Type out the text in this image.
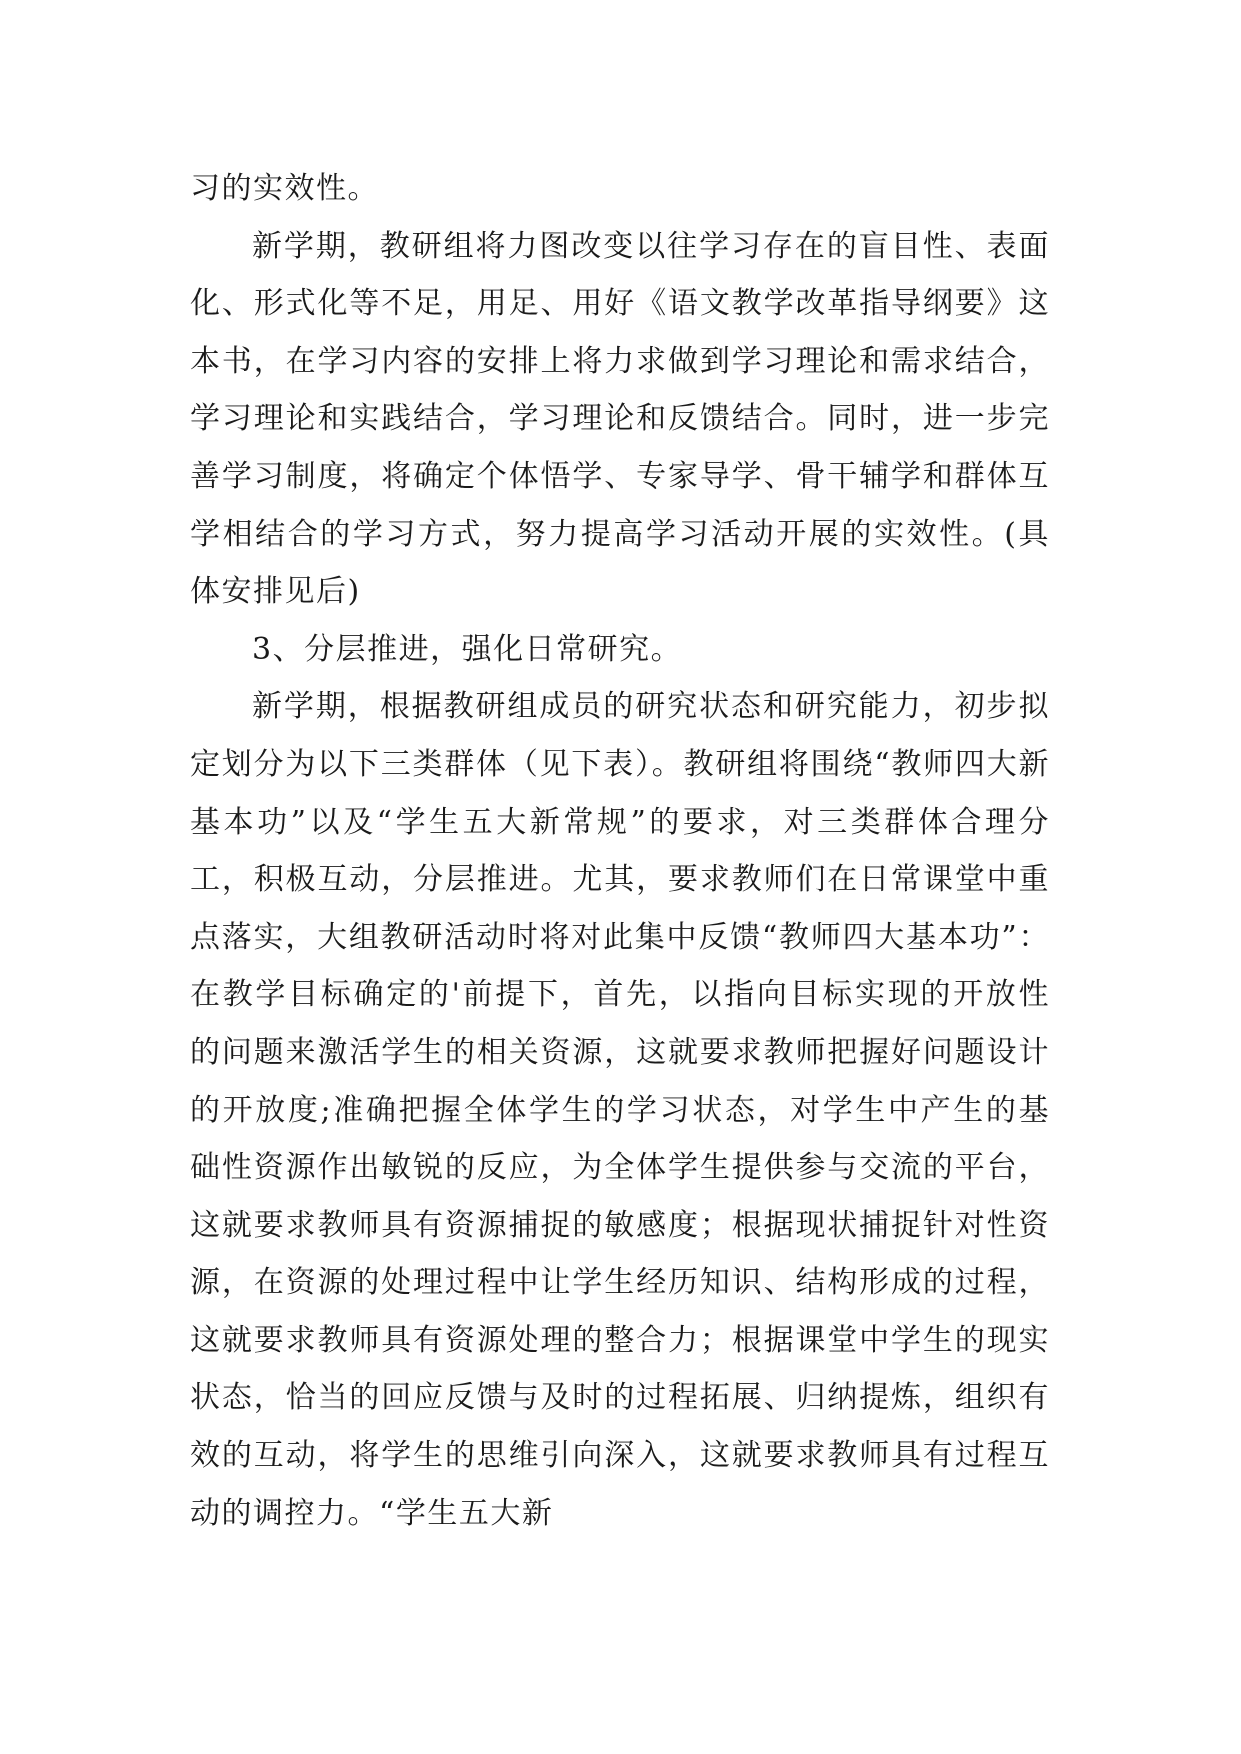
习的实效性。

新学期，教研组将力图改变以往学习存在的盲目性、表面化、形式化等不足，用足、用好《语文教学改革指导纲要》这本书，在学习内容的安排上将力求做到学习理论和需求结合，学习理论和实践结合，学习理论和反馈结合。同时，进一步完善学习制度，将确定个体悟学、专家导学、骨干辅学和群体互学相结合的学习方式，努力提高学习活动开展的实效性。(具体安排见后)

3、分层推进，强化日常研究。

新学期，根据教研组成员的研究状态和研究能力，初步拟定划分为以下三类群体（见下表）。教研组将围绕“教师四大新基本功”以及“学生五大新常规”的要求，对三类群体合理分工，积极互动，分层推进。尤其，要求教师们在日常课堂中重点落实，大组教研活动时将对此集中反馈“教师四大基本功”：在教学目标确定的'前提下，首先，以指向目标实现的开放性的问题来激活学生的相关资源，这就要求教师把握好问题设计的开放度;准确把握全体学生的学习状态，对学生中产生的基础性资源作出敏锐的反应，为全体学生提供参与交流的平台，这就要求教师具有资源捕捉的敏感度；根据现状捕捉针对性资源，在资源的处理过程中让学生经历知识、结构形成的过程，这就要求教师具有资源处理的整合力；根据课堂中学生的现实状态，恰当的回应反馈与及时的过程拓展、归纳提炼，组织有效的互动，将学生的思维引向深入，这就要求教师具有过程互动的调控力。“学生五大新
